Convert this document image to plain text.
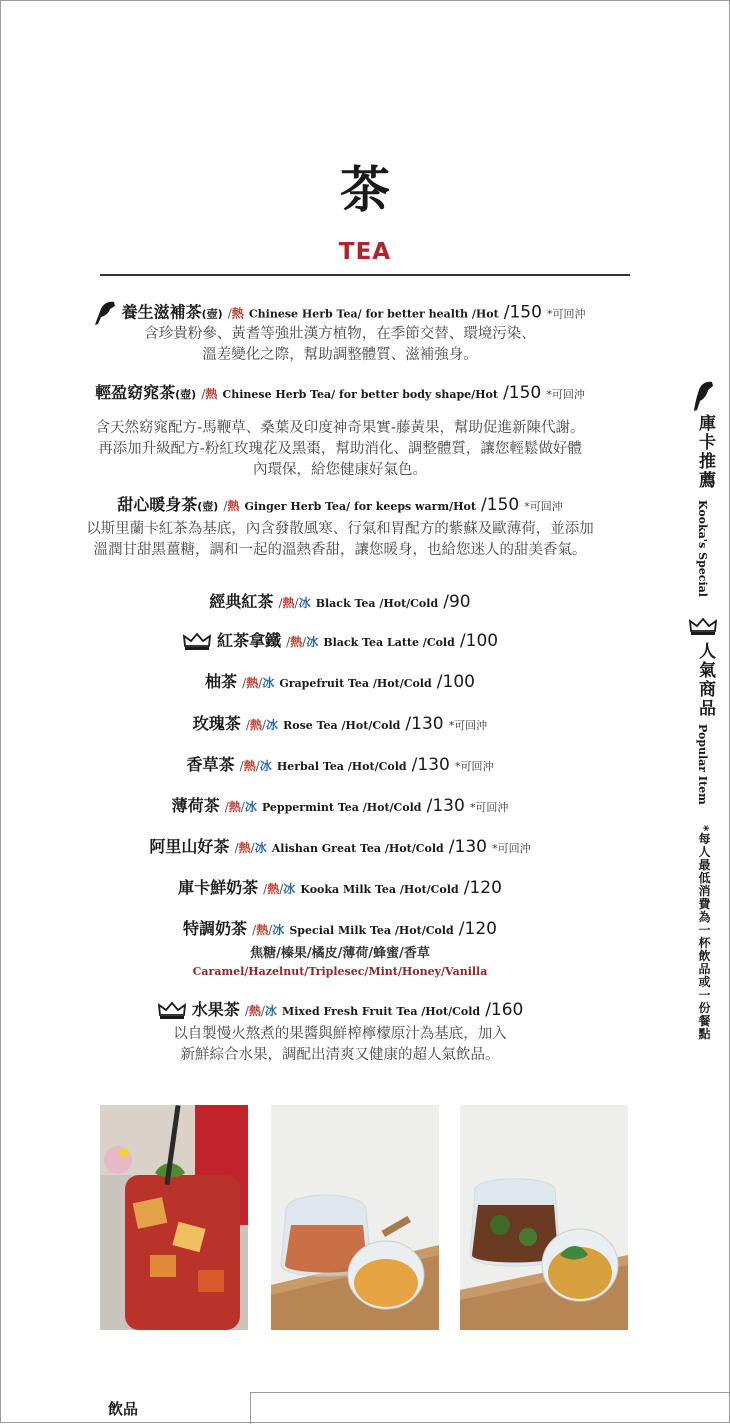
茶
TEA
養生滋補茶(壺) /熱 Chinese Herb Tea/ for better health /Hot /150 *可回沖
含珍貴粉參、黃耆等強壯漢方植物，在季節交替、環境污染、
溫差變化之際，幫助調整體質、滋補強身。
輕盈窈窕茶(壺) /熱 Chinese Herb Tea/ for better body shape/Hot /150 *可回沖
含天然窈窕配方-馬鞭草、桑葉及印度神奇果實-藤黃果，幫助促進新陳代謝。
再添加升級配方-粉紅玫瑰花及黑棗，幫助消化、調整體質，讓您輕鬆做好體
內環保，給您健康好氣色。
甜心暖身茶(壺) /熱 Ginger Herb Tea/ for keeps warm/Hot /150 *可回沖
以斯里蘭卡紅茶為基底，內含發散風寒、行氣和胃配方的紫蘇及歐薄荷，並添加
溫潤甘甜黑薑糖，調和一起的溫熱香甜，讓您暖身，也給您迷人的甜美香氣。
經典紅茶 /熱/冰 Black Tea /Hot/Cold /90
紅茶拿鐵 /熱/冰 Black Tea Latte /Cold /100
柚茶 /熱/冰 Grapefruit Tea /Hot/Cold /100
玫瑰茶 /熱/冰 Rose Tea /Hot/Cold /130 *可回沖
香草茶 /熱/冰 Herbal Tea /Hot/Cold /130 *可回沖
薄荷茶 /熱/冰 Peppermint Tea /Hot/Cold /130 *可回沖
阿里山好茶 /熱/冰 Alishan Great Tea /Hot/Cold /130 *可回沖
庫卡鮮奶茶 /熱/冰 Kooka Milk Tea /Hot/Cold /120
特調奶茶 /熱/冰 Special Milk Tea /Hot/Cold /120
焦糖/榛果/橘皮/薄荷/蜂蜜/香草
Caramel/Hazelnut/Triplesec/Mint/Honey/Vanilla
水果茶 /熱/冰 Mixed Fresh Fruit Tea /Hot/Cold /160
以自製慢火熬煮的果醬與鮮榨檸檬原汁為基底，加入
新鮮綜合水果，調配出清爽又健康的超人氣飲品。
庫卡推薦
Kooka's Special
人氣商品
Popular Item
*每人最低消費為一杯飲品或一份餐點
飲品
